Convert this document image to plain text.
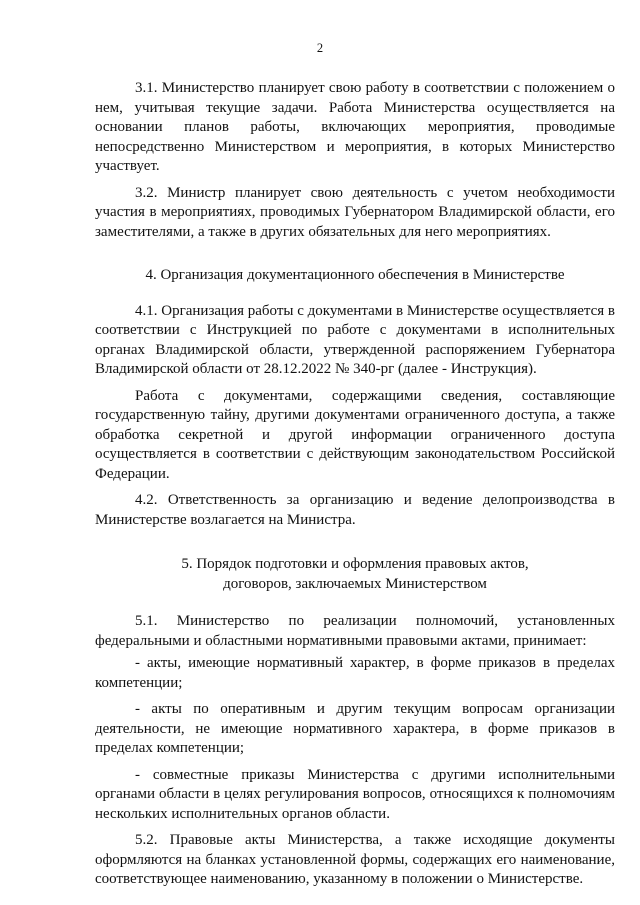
2

3.1. Министерство планирует свою работу в соответствии с положением о нем, учитывая текущие задачи. Работа Министерства осуществляется на основании планов работы, включающих мероприятия, проводимые непосредственно Министерством и мероприятия, в которых Министерство участвует.

3.2. Министр планирует свою деятельность с учетом необходимости участия в мероприятиях, проводимых Губернатором Владимирской области, его заместителями, а также в других обязательных для него мероприятиях.

4. Организация документационного обеспечения в Министерстве

4.1. Организация работы с документами в Министерстве осуществляется в соответствии с Инструкцией по работе с документами в исполнительных органах Владимирской области, утвержденной распоряжением Губернатора Владимирской области от 28.12.2022 № 340-рг (далее - Инструкция).

Работа с документами, содержащими сведения, составляющие государственную тайну, другими документами ограниченного доступа, а также обработка секретной и другой информации ограниченного доступа осуществляется в соответствии с действующим законодательством Российской Федерации.

4.2. Ответственность за организацию и ведение делопроизводства в Министерстве возлагается на Министра.

5. Порядок подготовки и оформления правовых актов,
договоров, заключаемых Министерством

5.1. Министерство по реализации полномочий, установленных федеральными и областными нормативными правовыми актами, принимает:

- акты, имеющие нормативный характер, в форме приказов в пределах компетенции;

- акты по оперативным и другим текущим вопросам организации деятельности, не имеющие нормативного характера, в форме приказов в пределах компетенции;

- совместные приказы Министерства с другими исполнительными органами области в целях регулирования вопросов, относящихся к полномочиям нескольких исполнительных органов области.

5.2. Правовые акты Министерства, а также исходящие документы оформляются на бланках установленной формы, содержащих его наименование, соответствующее наименованию, указанному в положении о Министерстве.
